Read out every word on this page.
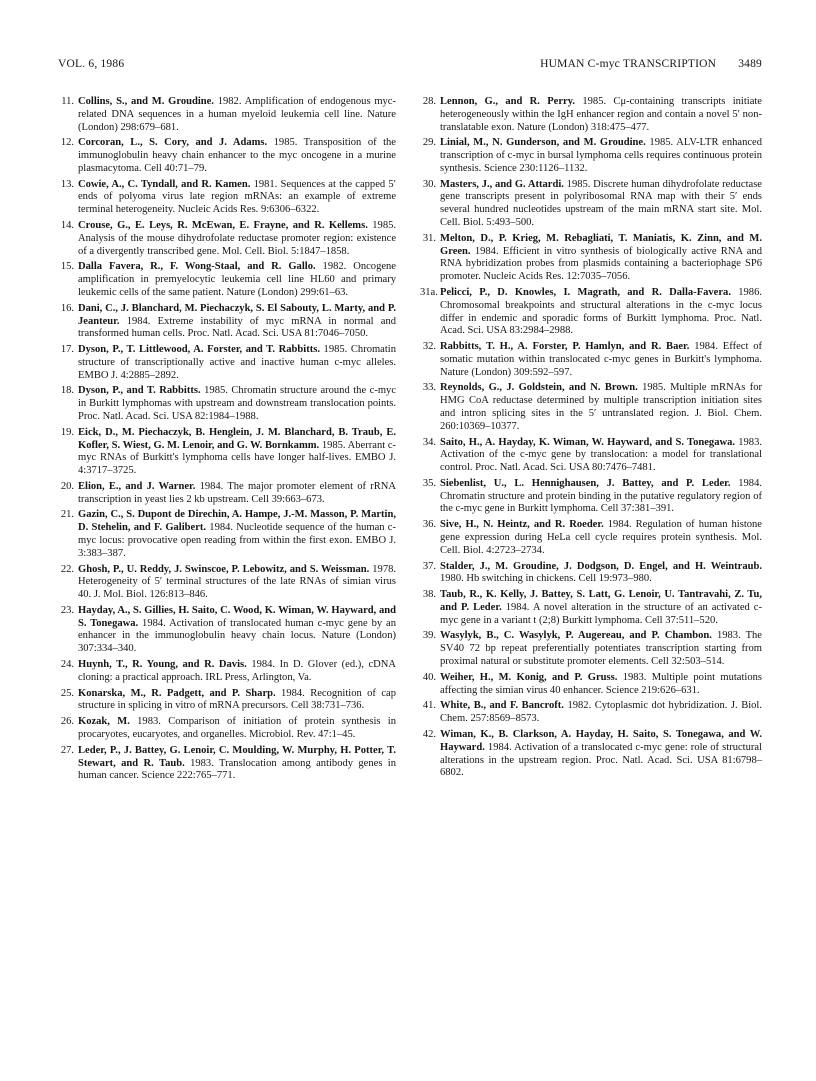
VOL. 6, 1986	HUMAN C-myc TRANSCRIPTION 3489
11. Collins, S., and M. Groudine. 1982. Amplification of endogenous myc-related DNA sequences in a human myeloid leukemia cell line. Nature (London) 298:679–681.
12. Corcoran, L., S. Cory, and J. Adams. 1985. Transposition of the immunoglobulin heavy chain enhancer to the myc oncogene in a murine plasmacytoma. Cell 40:71–79.
13. Cowie, A., C. Tyndall, and R. Kamen. 1981. Sequences at the capped 5′ ends of polyoma virus late region mRNAs: an example of extreme terminal heterogeneity. Nucleic Acids Res. 9:6306–6322.
14. Crouse, G., E. Leys, R. McEwan, E. Frayne, and R. Kellems. 1985. Analysis of the mouse dihydrofolate reductase promoter region: existence of a divergently transcribed gene. Mol. Cell. Biol. 5:1847–1858.
15. Dalla Favera, R., F. Wong-Staal, and R. Gallo. 1982. Oncogene amplification in premyelocytic leukemia cell line HL60 and primary leukemic cells of the same patient. Nature (London) 299:61–63.
16. Dani, C., J. Blanchard, M. Piechaczyk, S. El Sabouty, L. Marty, and P. Jeanteur. 1984. Extreme instability of myc mRNA in normal and transformed human cells. Proc. Natl. Acad. Sci. USA 81:7046–7050.
17. Dyson, P., T. Littlewood, A. Forster, and T. Rabbitts. 1985. Chromatin structure of transcriptionally active and inactive human c-myc alleles. EMBO J. 4:2885–2892.
18. Dyson, P., and T. Rabbitts. 1985. Chromatin structure around the c-myc in Burkitt lymphomas with upstream and downstream translocation points. Proc. Natl. Acad. Sci. USA 82:1984–1988.
19. Eick, D., M. Piechaczyk, B. Henglein, J. M. Blanchard, B. Traub, E. Kofler, S. Wiest, G. M. Lenoir, and G. W. Bornkamm. 1985. Aberrant c-myc RNAs of Burkitt's lymphoma cells have longer half-lives. EMBO J. 4:3717–3725.
20. Elion, E., and J. Warner. 1984. The major promoter element of rRNA transcription in yeast lies 2 kb upstream. Cell 39:663–673.
21. Gazin, C., S. Dupont de Direchin, A. Hampe, J.-M. Masson, P. Martin, D. Stehelin, and F. Galibert. 1984. Nucleotide sequence of the human c-myc locus: provocative open reading from within the first exon. EMBO J. 3:383–387.
22. Ghosh, P., U. Reddy, J. Swinscoe, P. Lebowitz, and S. Weissman. 1978. Heterogeneity of 5′ terminal structures of the late RNAs of simian virus 40. J. Mol. Biol. 126:813–846.
23. Hayday, A., S. Gillies, H. Saito, C. Wood, K. Wiman, W. Hayward, and S. Tonegawa. 1984. Activation of translocated human c-myc gene by an enhancer in the immunoglobulin heavy chain locus. Nature (London) 307:334–340.
24. Huynh, T., R. Young, and R. Davis. 1984. In D. Glover (ed.), cDNA cloning: a practical approach. IRL Press, Arlington, Va.
25. Konarska, M., R. Padgett, and P. Sharp. 1984. Recognition of cap structure in splicing in vitro of mRNA precursors. Cell 38:731–736.
26. Kozak, M. 1983. Comparison of initiation of protein synthesis in procaryotes, eucaryotes, and organelles. Microbiol. Rev. 47:1–45.
27. Leder, P., J. Battey, G. Lenoir, C. Moulding, W. Murphy, H. Potter, T. Stewart, and R. Taub. 1983. Translocation among antibody genes in human cancer. Science 222:765–771.
28. Lennon, G., and R. Perry. 1985. Cμ-containing transcripts initiate heterogeneously within the IgH enhancer region and contain a novel 5′ non-translatable exon. Nature (London) 318:475–477.
29. Linial, M., N. Gunderson, and M. Groudine. 1985. ALV-LTR enhanced transcription of c-myc in bursal lymphoma cells requires continuous protein synthesis. Science 230:1126–1132.
30. Masters, J., and G. Attardi. 1985. Discrete human dihydrofolate reductase gene transcripts present in polyribosomal RNA map with their 5′ ends several hundred nucleotides upstream of the main mRNA start site. Mol. Cell. Biol. 5:493–500.
31. Melton, D., P. Krieg, M. Rebagliati, T. Maniatis, K. Zinn, and M. Green. 1984. Efficient in vitro synthesis of biologically active RNA and RNA hybridization probes from plasmids containing a bacteriophage SP6 promoter. Nucleic Acids Res. 12:7035–7056.
31a. Pelicci, P., D. Knowles, I. Magrath, and R. Dalla-Favera. 1986. Chromosomal breakpoints and structural alterations in the c-myc locus differ in endemic and sporadic forms of Burkitt lymphoma. Proc. Natl. Acad. Sci. USA 83:2984–2988.
32. Rabbitts, T. H., A. Forster, P. Hamlyn, and R. Baer. 1984. Effect of somatic mutation within translocated c-myc genes in Burkitt's lymphoma. Nature (London) 309:592–597.
33. Reynolds, G., J. Goldstein, and N. Brown. 1985. Multiple mRNAs for HMG CoA reductase determined by multiple transcription initiation sites and intron splicing sites in the 5′ untranslated region. J. Biol. Chem. 260:10369–10377.
34. Saito, H., A. Hayday, K. Wiman, W. Hayward, and S. Tonegawa. 1983. Activation of the c-myc gene by translocation: a model for translational control. Proc. Natl. Acad. Sci. USA 80:7476–7481.
35. Siebenlist, U., L. Hennighausen, J. Battey, and P. Leder. 1984. Chromatin structure and protein binding in the putative regulatory region of the c-myc gene in Burkitt lymphoma. Cell 37:381–391.
36. Sive, H., N. Heintz, and R. Roeder. 1984. Regulation of human histone gene expression during HeLa cell cycle requires protein synthesis. Mol. Cell. Biol. 4:2723–2734.
37. Stalder, J., M. Groudine, J. Dodgson, D. Engel, and H. Weintraub. 1980. Hb switching in chickens. Cell 19:973–980.
38. Taub, R., K. Kelly, J. Battey, S. Latt, G. Lenoir, U. Tantravahi, Z. Tu, and P. Leder. 1984. A novel alteration in the structure of an activated c-myc gene in a variant t (2;8) Burkitt lymphoma. Cell 37:511–520.
39. Wasylyk, B., C. Wasylyk, P. Augereau, and P. Chambon. 1983. The SV40 72 bp repeat preferentially potentiates transcription starting from proximal natural or substitute promoter elements. Cell 32:503–514.
40. Weiher, H., M. Konig, and P. Gruss. 1983. Multiple point mutations affecting the simian virus 40 enhancer. Science 219:626–631.
41. White, B., and F. Bancroft. 1982. Cytoplasmic dot hybridization. J. Biol. Chem. 257:8569–8573.
42. Wiman, K., B. Clarkson, A. Hayday, H. Saito, S. Tonegawa, and W. Hayward. 1984. Activation of a translocated c-myc gene: role of structural alterations in the upstream region. Proc. Natl. Acad. Sci. USA 81:6798–6802.
